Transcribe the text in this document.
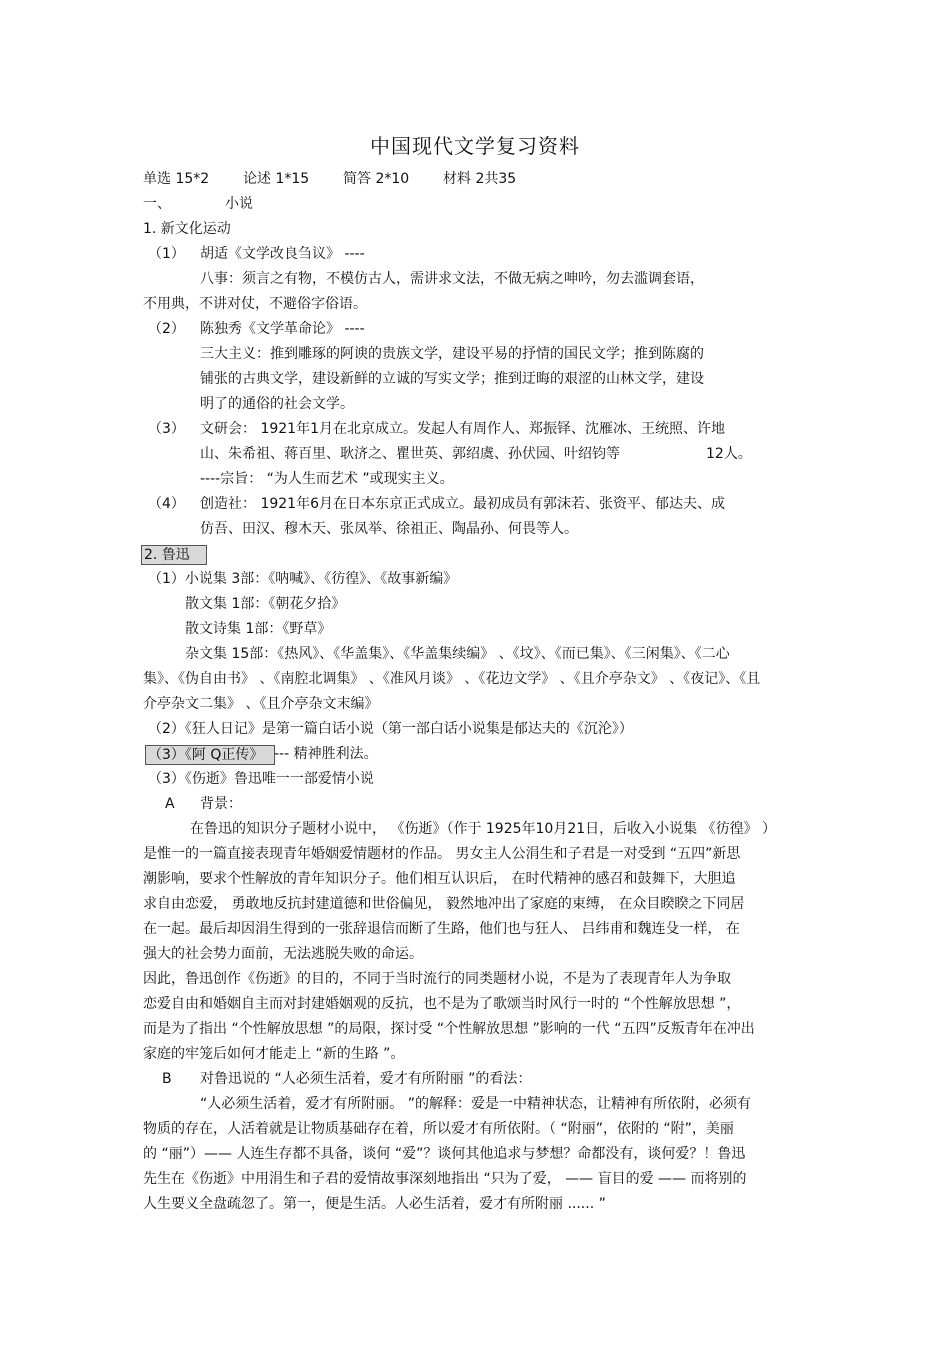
中国现代文学复习资料
单选 15*2 论述 1*15 简答 2*10 材料 2共35
一、	小说
1. 新文化运动
（1） 胡适《文学改良刍议》 ----
八事：须言之有物，不模仿古人，需讲求文法，不做无病之呻吟，勿去滥调套语，
不用典，不讲对仗，不避俗字俗语。
（2） 陈独秀《文学革命论》 ----
三大主义：推到雕琢的阿谀的贵族文学，建设平易的抒情的国民文学；推到陈腐的
铺张的古典文学，建设新鲜的立诚的写实文学；推到迂晦的艰涩的山林文学，建设
明了的通俗的社会文学。
（3） 文研会： 1921年1月在北京成立。发起人有周作人、郑振铎、沈雁冰、王统照、许地
山、朱希祖、蒋百里、耿济之、瞿世英、郭绍虞、孙伏园、叶绍钧等	12人。
----宗旨： “为人生而艺术 ”或现实主义。
（4） 创造社： 1921年6月在日本东京正式成立。最初成员有郭沫若、张资平、郁达夫、成
仿吾、田汉、穆木天、张凤举、徐祖正、陶晶孙、何畏等人。
2. 鲁迅
（1）小说集 3部：《呐喊》、《彷徨》、《故事新编》
散文集 1部：《朝花夕拾》
散文诗集 1部：《野草》
杂文集 15部：《热风》、《华盖集》、《华盖集续编》 、《坟》、《而已集》、《三闲集》、《二心
集》、《伪自由书》 、《南腔北调集》 、《准风月谈》 、《花边文学》 、《且介亭杂文》 、《夜记》、《且
介亭杂文二集》 、《且介亭杂文末编》
（2）《狂人日记》是第一篇白话小说（第一部白话小说集是郁达夫的《沉沦》）
（3）《阿 Q正传》 --- 精神胜利法。
（3）《伤逝》鲁迅唯一一部爱情小说
A 背景：
在鲁迅的知识分子题材小说中， 《伤逝》（作于 1925年10月21日，后收入小说集 《彷徨》 ）
是惟一的一篇直接表现青年婚姻爱情题材的作品。 男女主人公涓生和子君是一对受到 “五四”新思
潮影响，要求个性解放的青年知识分子。他们相互认识后， 在时代精神的感召和鼓舞下，大胆追
求自由恋爱， 勇敢地反抗封建道德和世俗偏见， 毅然地冲出了家庭的束缚， 在众目睽睽之下同居
在一起。最后却因涓生得到的一张辞退信而断了生路，他们也与狂人、 吕纬甫和魏连殳一样， 在
强大的社会势力面前，无法逃脱失败的命运。
因此，鲁迅创作《伤逝》的目的，不同于当时流行的同类题材小说，不是为了表现青年人为争取
恋爱自由和婚姻自主而对封建婚姻观的反抗，也不是为了歌颂当时风行一时的 “个性解放思想 ”，
而是为了指出 “个性解放思想 ”的局限，探讨受 “个性解放思想 ”影响的一代 “五四”反叛青年在冲出
家庭的牢笼后如何才能走上 “新的生路 ”。
B 对鲁迅说的 “人必须生活着，爱才有所附丽 ”的看法：
“人必须生活着，爱才有所附丽。 ”的解释：爱是一中精神状态，让精神有所依附，必须有
物质的存在，人活着就是让物质基础存在着，所以爱才有所依附。（ “附丽”，依附的 “附”，美丽
的 “丽”）—— 人连生存都不具备，谈何 “爱”？谈何其他追求与梦想？命都没有，谈何爱？！鲁迅
先生在《伤逝》中用涓生和子君的爱情故事深刻地指出 “只为了爱， —— 盲目的爱 —— 而将别的
人生要义全盘疏忽了。第一，便是生活。人必生活着，爱才有所附丽 ...... ”
